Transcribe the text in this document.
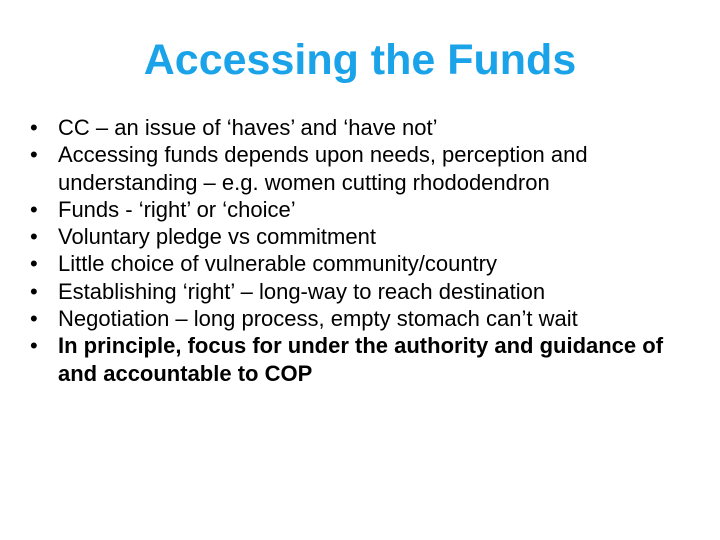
Accessing the Funds
• CC – an issue of ‘haves’ and ‘have not’
• Accessing funds depends upon needs, perception and understanding – e.g. women cutting rhododendron
• Funds - ‘right’ or ‘choice’
• Voluntary pledge vs commitment
• Little choice of vulnerable community/country
• Establishing ‘right’ – long-way to reach destination
• Negotiation – long process, empty stomach can’t wait
• In principle, focus for under the authority and guidance of and accountable to COP
